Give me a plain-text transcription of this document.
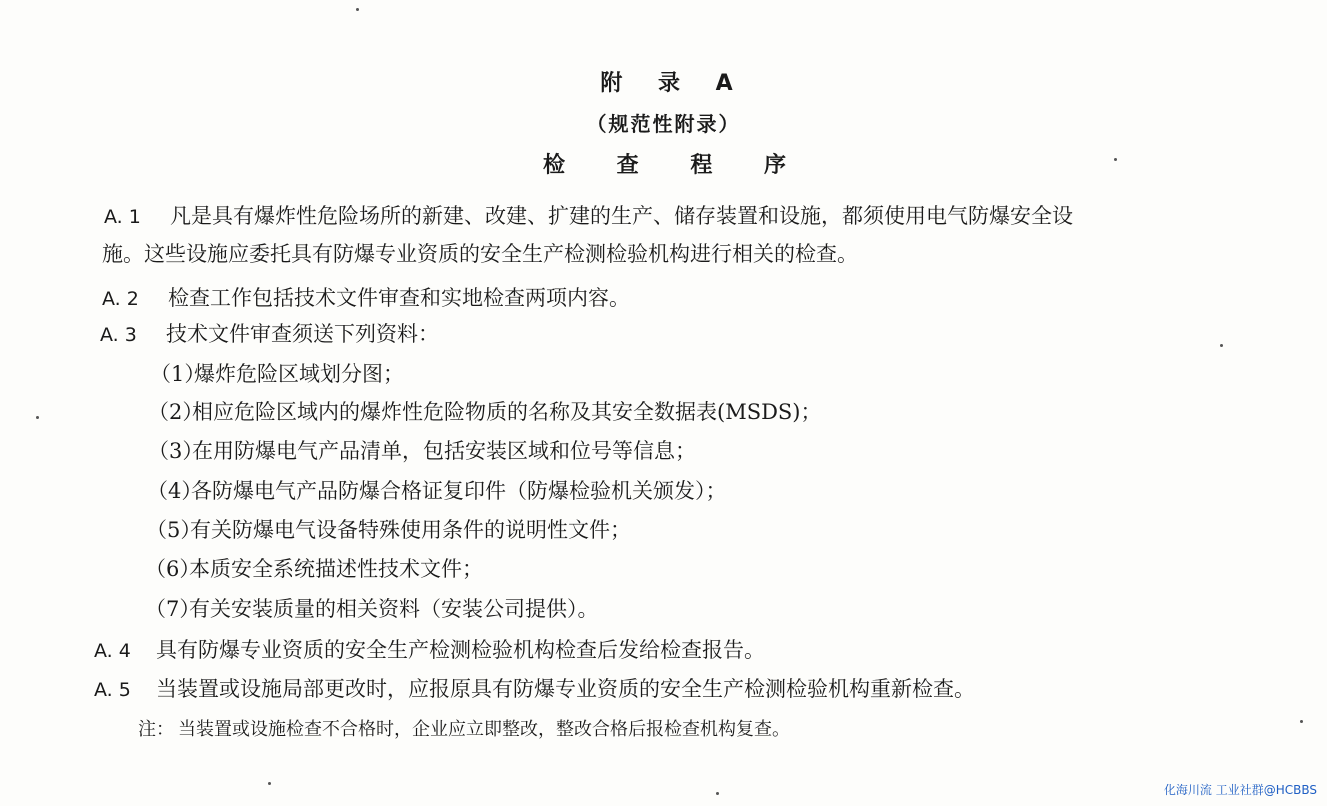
附 录 A
（规范性附录）
检 查 程 序

A. 1 凡是具有爆炸性危险场所的新建、改建、扩建的生产、储存装置和设施，都须使用电气防爆安全设

施。这些设施应委托具有防爆专业资质的安全生产检测检验机构进行相关的检查。

A. 2 检查工作包括技术文件审查和实地检查两项内容。

A. 3 技术文件审查须送下列资料：

（1）爆炸危险区域划分图；

（2）相应危险区域内的爆炸性危险物质的名称及其安全数据表(MSDS)；

（3）在用防爆电气产品清单，包括安装区域和位号等信息；

（4）各防爆电气产品防爆合格证复印件（防爆检验机关颁发）；

（5）有关防爆电气设备特殊使用条件的说明性文件；

（6）本质安全系统描述性技术文件；

（7）有关安装质量的相关资料（安装公司提供）。

A. 4 具有防爆专业资质的安全生产检测检验机构检查后发给检查报告。

A. 5 当装置或设施局部更改时，应报原具有防爆专业资质的安全生产检测检验机构重新检查。

注： 当装置或设施检查不合格时，企业应立即整改，整改合格后报检查机构复查。

化海川流 工业社群@HCBBS
